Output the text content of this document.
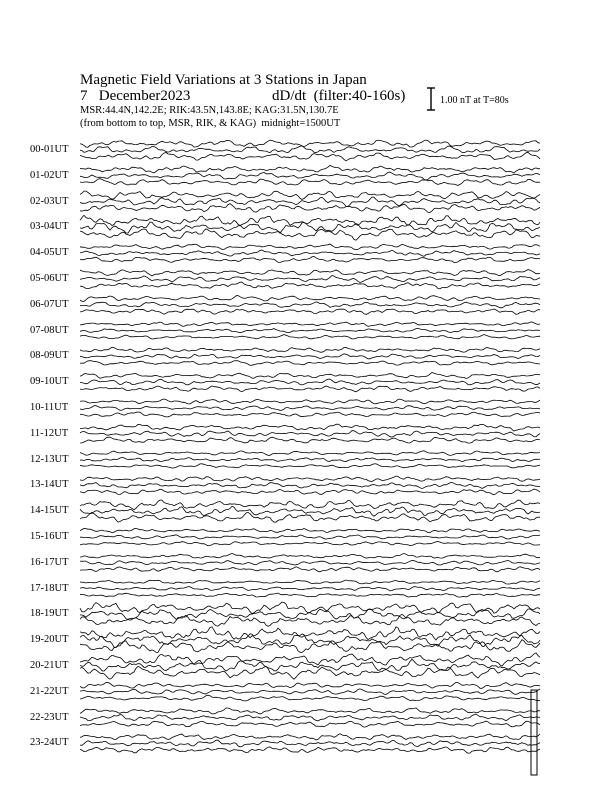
Magnetic Field Variations at 3 Stations in Japan
7   December2023	dD/dt  (filter:40-160s)
MSR:44.4N,142.2E; RIK:43.5N,143.8E; KAG:31.5N,130.7E
(from bottom to top, MSR, RIK, & KAG)  midnight=1500UT
1.00 nT at T=80s
00-01UT
01-02UT
02-03UT
03-04UT
04-05UT
05-06UT
06-07UT
07-08UT
08-09UT
09-10UT
10-11UT
11-12UT
12-13UT
13-14UT
14-15UT
15-16UT
16-17UT
17-18UT
18-19UT
19-20UT
20-21UT
21-22UT
22-23UT
23-24UT
